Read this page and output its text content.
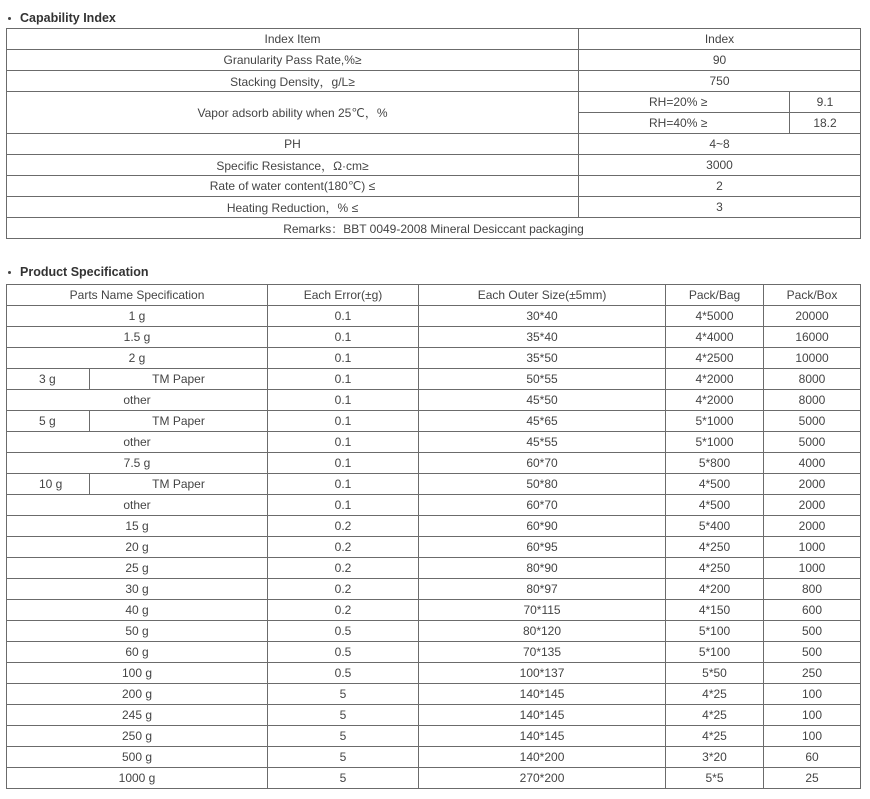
Capability Index
Index Item	Index	
Granularity Pass Rate,%≥	90	
Stacking Density，g/L≥	750	
Vapor adsorb ability when 25℃，%	RH=20% ≥	9.1
	RH=40% ≥	18.2
PH	4~8	
Specific Resistance，Ω·cm≥	3000	
Rate of water content(180℃) ≤	2	
Heating Reduction，% ≤	3	
Remarks：BBT 0049-2008 Mineral Desiccant packaging		
Product Specification
Parts Name Specification		Each Error(±g)	Each Outer Size(±5mm)	Pack/Bag	Pack/Box
1 g		0.1	30*40	4*5000	20000
1.5 g		0.1	35*40	4*4000	16000
2 g		0.1	35*50	4*2500	10000
3 g	TM Paper	0.1	50*55	4*2000	8000
other		0.1	45*50	4*2000	8000
5 g	TM Paper	0.1	45*65	5*1000	5000
other		0.1	45*55	5*1000	5000
7.5 g		0.1	60*70	5*800	4000
10 g	TM Paper	0.1	50*80	4*500	2000
other		0.1	60*70	4*500	2000
15 g		0.2	60*90	5*400	2000
20 g		0.2	60*95	4*250	1000
25 g		0.2	80*90	4*250	1000
30 g		0.2	80*97	4*200	800
40 g		0.2	70*115	4*150	600
50 g		0.5	80*120	5*100	500
60 g		0.5	70*135	5*100	500
100 g		0.5	100*137	5*50	250
200 g		5	140*145	4*25	100
245 g		5	140*145	4*25	100
250 g		5	140*145	4*25	100
500 g		5	140*200	3*20	60
1000 g		5	270*200	5*5	25
